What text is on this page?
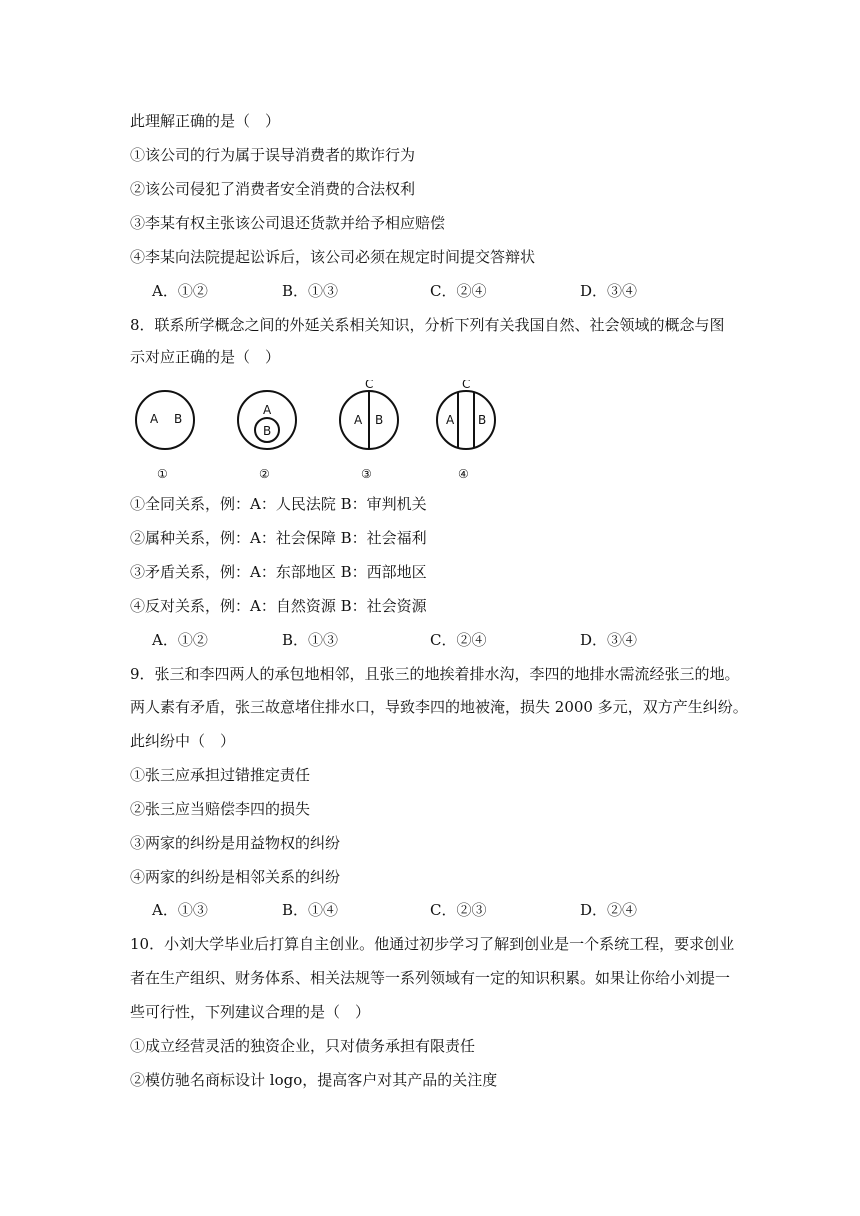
此理解正确的是（　）
①该公司的行为属于误导消费者的欺诈行为
②该公司侵犯了消费者安全消费的合法权利
③李某有权主张该公司退还货款并给予相应赔偿
④李某向法院提起讼诉后，该公司必须在规定时间提交答辩状
A．①②	B．①③	C．②④	D．③④
8．联系所学概念之间的外延关系相关知识，分析下列有关我国自然、社会领域的概念与图
示对应正确的是（　）
A B
①
A
B
②
C
A B
③
C
A B
④
①全同关系，例：A：人民法院 B：审判机关
②属种关系，例：A：社会保障 B：社会福利
③矛盾关系，例：A：东部地区 B：西部地区
④反对关系，例：A：自然资源 B：社会资源
A．①②	B．①③	C．②④	D．③④
9．张三和李四两人的承包地相邻，且张三的地挨着排水沟，李四的地排水需流经张三的地。
两人素有矛盾，张三故意堵住排水口，导致李四的地被淹，损失 2000 多元，双方产生纠纷。
此纠纷中（　）
①张三应承担过错推定责任
②张三应当赔偿李四的损失
③两家的纠纷是用益物权的纠纷
④两家的纠纷是相邻关系的纠纷
A．①③	B．①④	C．②③	D．②④
10．小刘大学毕业后打算自主创业。他通过初步学习了解到创业是一个系统工程，要求创业
者在生产组织、财务体系、相关法规等一系列领域有一定的知识积累。如果让你给小刘提一
些可行性，下列建议合理的是（　）
①成立经营灵活的独资企业，只对债务承担有限责任
②模仿驰名商标设计 logo，提高客户对其产品的关注度
